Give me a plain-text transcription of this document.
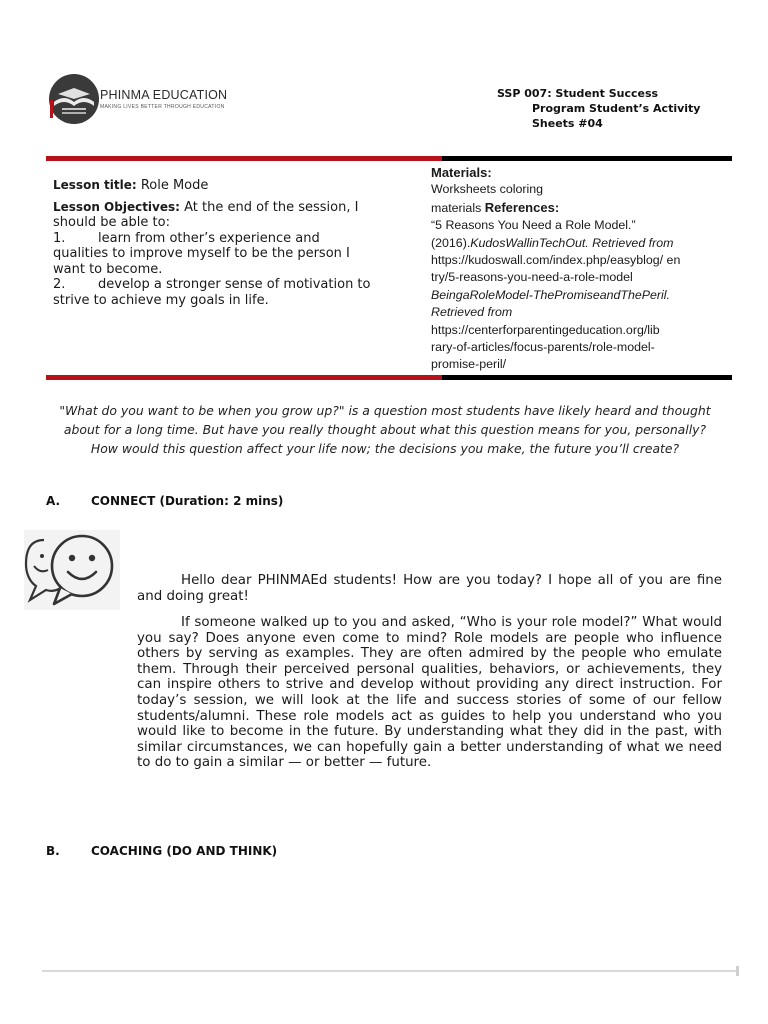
PHINMA EDUCATION
MAKING LIVES BETTER THROUGH EDUCATION
SSP 007: Student Success
Program Student’s Activity
Sheets #04
Lesson title: Role Mode
Lesson Objectives: At the end of the session, I should be able to:
1.	learn from other’s experience and qualities to improve myself to be the person I want to become.
2.	develop a stronger sense of motivation to strive to achieve my goals in life.
Materials:
Worksheets coloring
materials References:
“5 Reasons You Need a Role Model.”
(2016).KudosWallinTechOut. Retrieved from
https://kudoswall.com/index.php/easyblog/ en
try/5-reasons-you-need-a-role-model
BeingaRoleModel-ThePromiseandThePeril.
Retrieved from
https://centerforparentingeducation.org/lib
rary-of-articles/focus-parents/role-model-
promise-peril/
"What do you want to be when you grow up?" is a question most students have likely heard and thought about for a long time. But have you really thought about what this question means for you, personally? How would this question affect your life now; the decisions you make, the future you’ll create?
A.	CONNECT (Duration: 2 mins)
Hello dear PHINMAEd students! How are you today? I hope all of you are fine and doing great!
If someone walked up to you and asked, “Who is your role model?” What would you say? Does anyone even come to mind? Role models are people who influence others by serving as examples. They are often admired by the people who emulate them. Through their perceived personal qualities, behaviors, or achievements, they can inspire others to strive and develop without providing any direct instruction. For today’s session, we will look at the life and success stories of some of our fellow students/alumni. These role models act as guides to help you understand who you would like to become in the future. By understanding what they did in the past, with similar circumstances, we can hopefully gain a better understanding of what we need to do to gain a similar — or better — future.
B.	COACHING (DO AND THINK)
